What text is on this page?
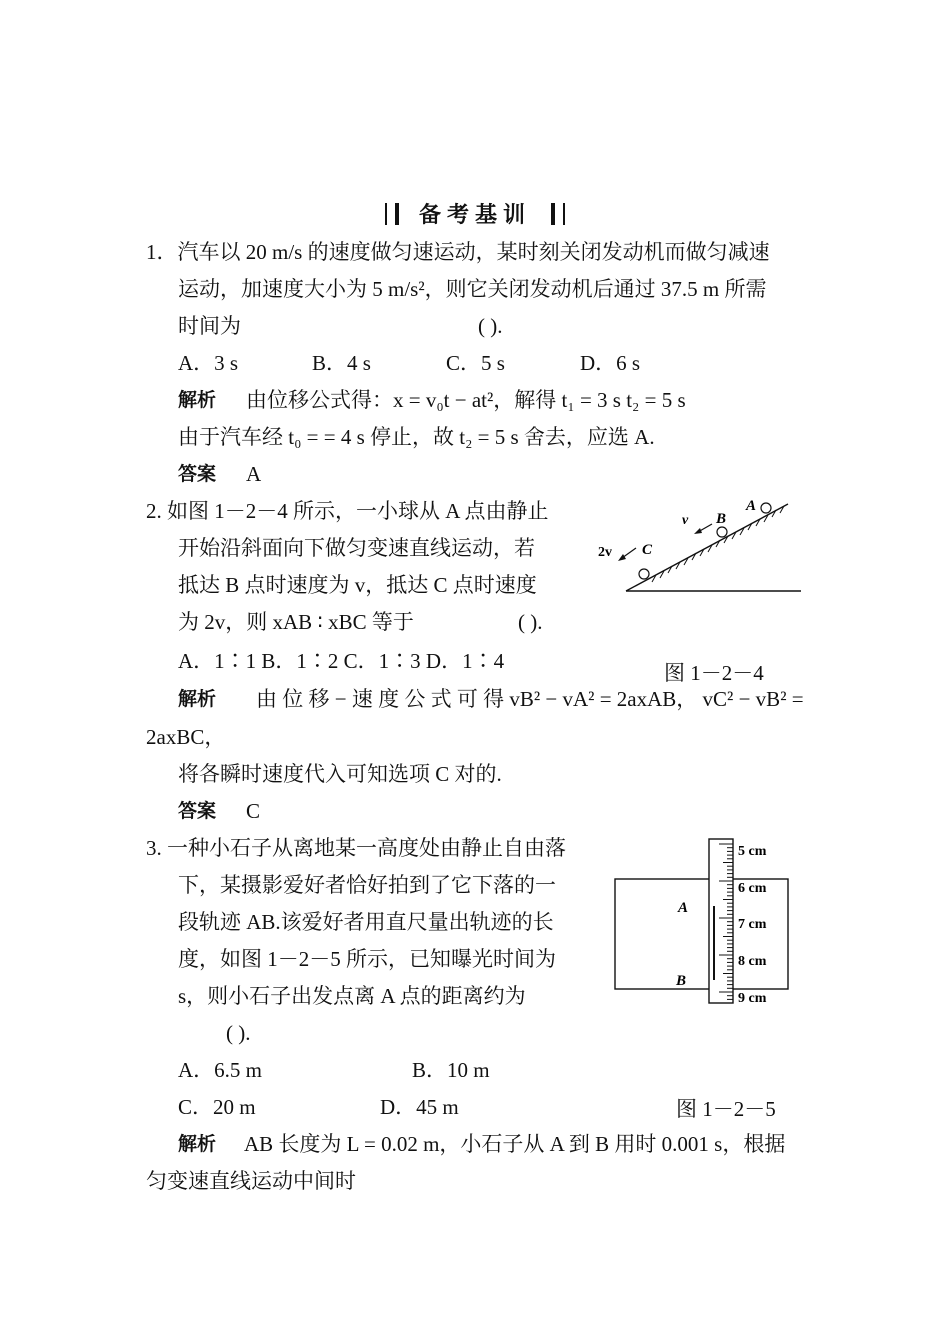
备考基训
1．汽车以 20 m/s 的速度做匀速运动，某时刻关闭发动机而做匀减速
运动，加速度大小为 5 m/s²，则它关闭发动机后通过 37.5 m 所需
时间为	( ).
A．3 s	B．4 s	C．5 s	D．6 s
解析 由位移公式得：x = v₀t − at²，解得 t₁ = 3 s t₂ = 5 s
由于汽车经 t₀ = = 4 s 停止，故 t₂ = 5 s 舍去，应选 A.
答案 A
2. 如图 1－2－4 所示，一小球从 A 点由静止
开始沿斜面向下做匀变速直线运动，若
抵达 B 点时速度为 v，抵达 C 点时速度
为 2v，则 xAB ∶ xBC 等于	( ).
A．1∶1 B．1∶2 C．1∶3 D．1∶4
A
B
C
v
2v
图 1－2－4
解析 由 位 移 − 速 度 公 式 可 得 vB² − vA² = 2axAB， vC² − vB² =
2axBC，
将各瞬时速度代入可知选项 C 对的.
答案 C
3. 一种小石子从离地某一高度处由静止自由落
下，某摄影爱好者恰好拍到了它下落的一
段轨迹 AB.该爱好者用直尺量出轨迹的长
度，如图 1－2－5 所示，已知曝光时间为
s，则小石子出发点离 A 点的距离约为
( ).
A．6.5 m	B．10 m
C．20 m	D．45 m
A
B
5 cm
6 cm
7 cm
8 cm
9 cm
图 1－2－5
解析 AB 长度为 L = 0.02 m，小石子从 A 到 B 用时 0.001 s，根据
匀变速直线运动中间时
